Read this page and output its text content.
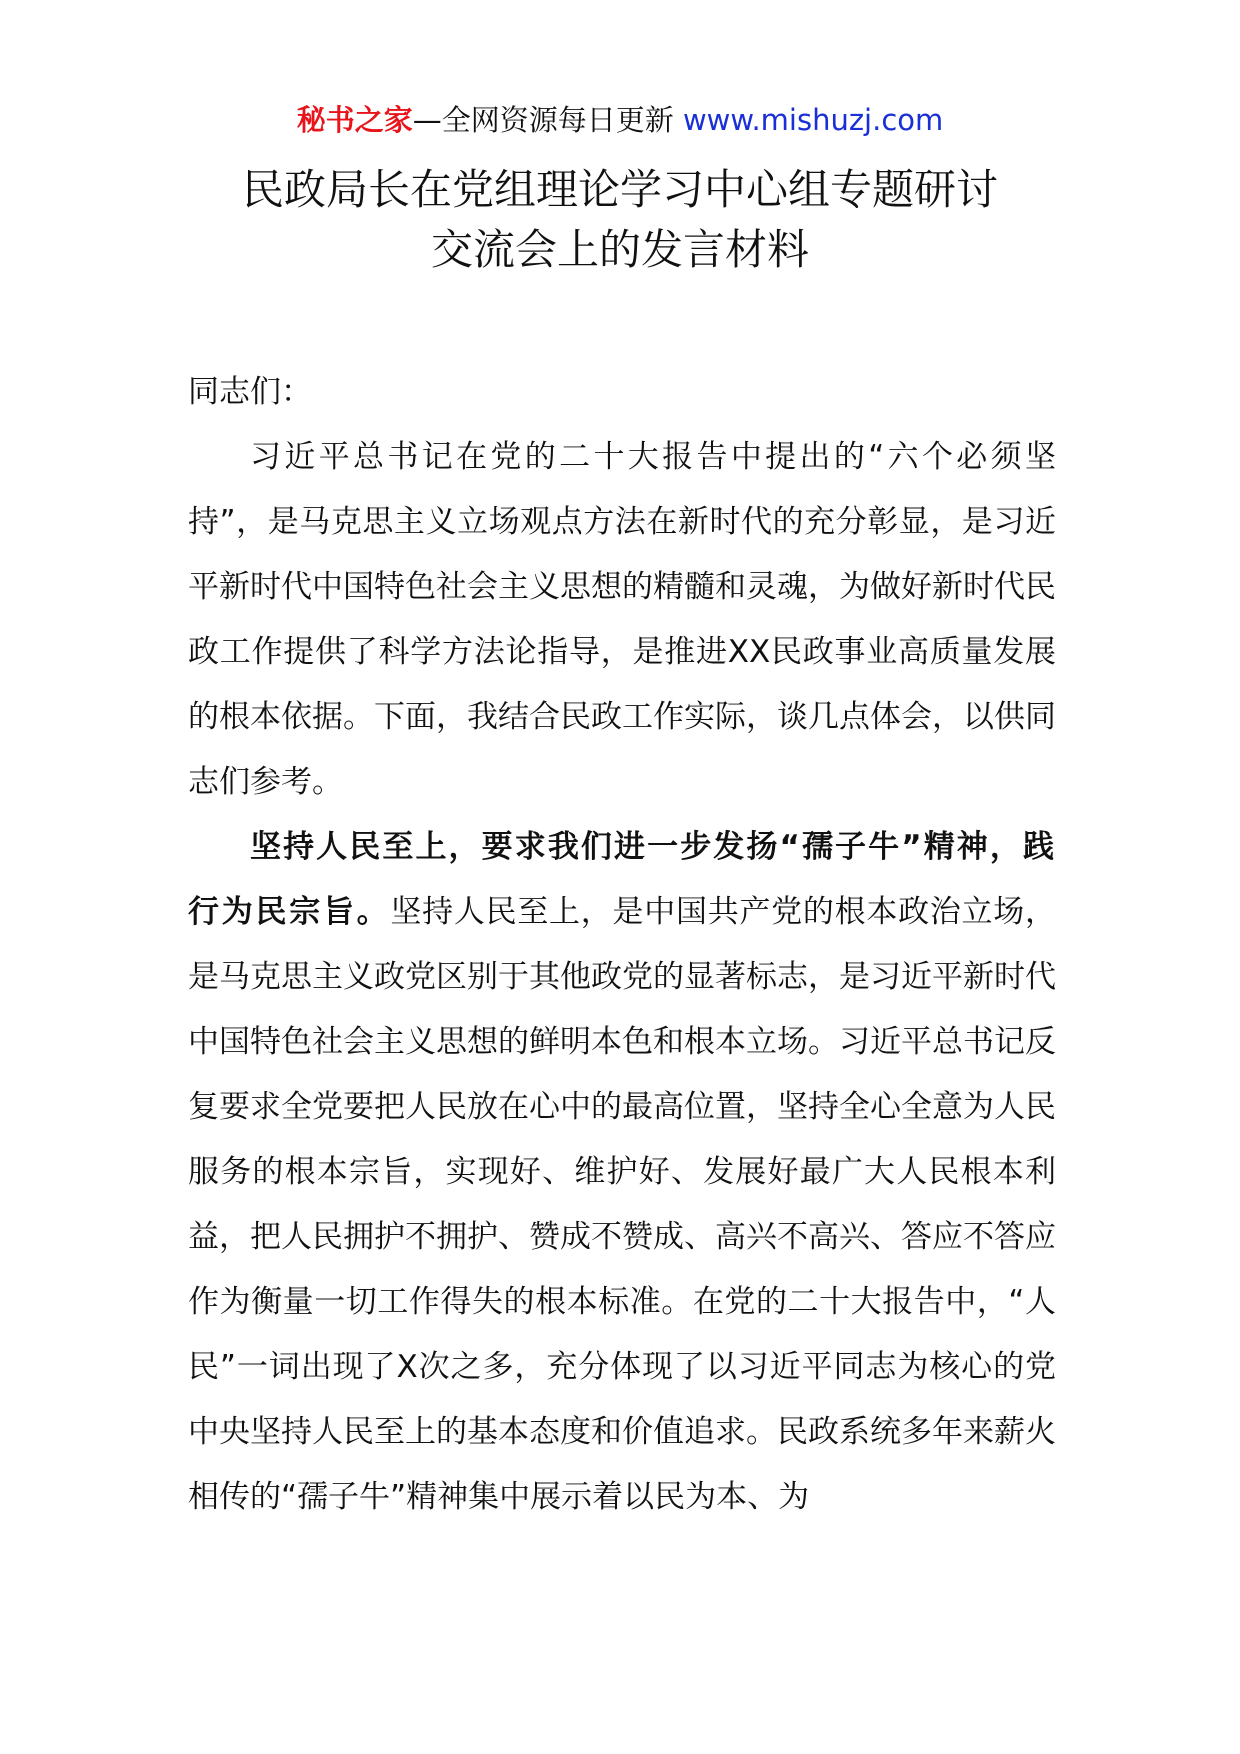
秘书之家—全网资源每日更新 www.mishuzj.com
民政局长在党组理论学习中心组专题研讨
交流会上的发言材料

同志们：

习近平总书记在党的二十大报告中提出的“六个必须坚持”，是马克思主义立场观点方法在新时代的充分彰显，是习近平新时代中国特色社会主义思想的精髓和灵魂，为做好新时代民政工作提供了科学方法论指导，是推进XX民政事业高质量发展的根本依据。下面，我结合民政工作实际，谈几点体会，以供同志们参考。

坚持人民至上，要求我们进一步发扬“孺子牛”精神，践行为民宗旨。坚持人民至上，是中国共产党的根本政治立场，是马克思主义政党区别于其他政党的显著标志，是习近平新时代中国特色社会主义思想的鲜明本色和根本立场。习近平总书记反复要求全党要把人民放在心中的最高位置，坚持全心全意为人民服务的根本宗旨，实现好、维护好、发展好最广大人民根本利益，把人民拥护不拥护、赞成不赞成、高兴不高兴、答应不答应作为衡量一切工作得失的根本标准。在党的二十大报告中，“人民”一词出现了X次之多，充分体现了以习近平同志为核心的党中央坚持人民至上的基本态度和价值追求。民政系统多年来薪火相传的“孺子牛”精神集中展示着以民为本、为
